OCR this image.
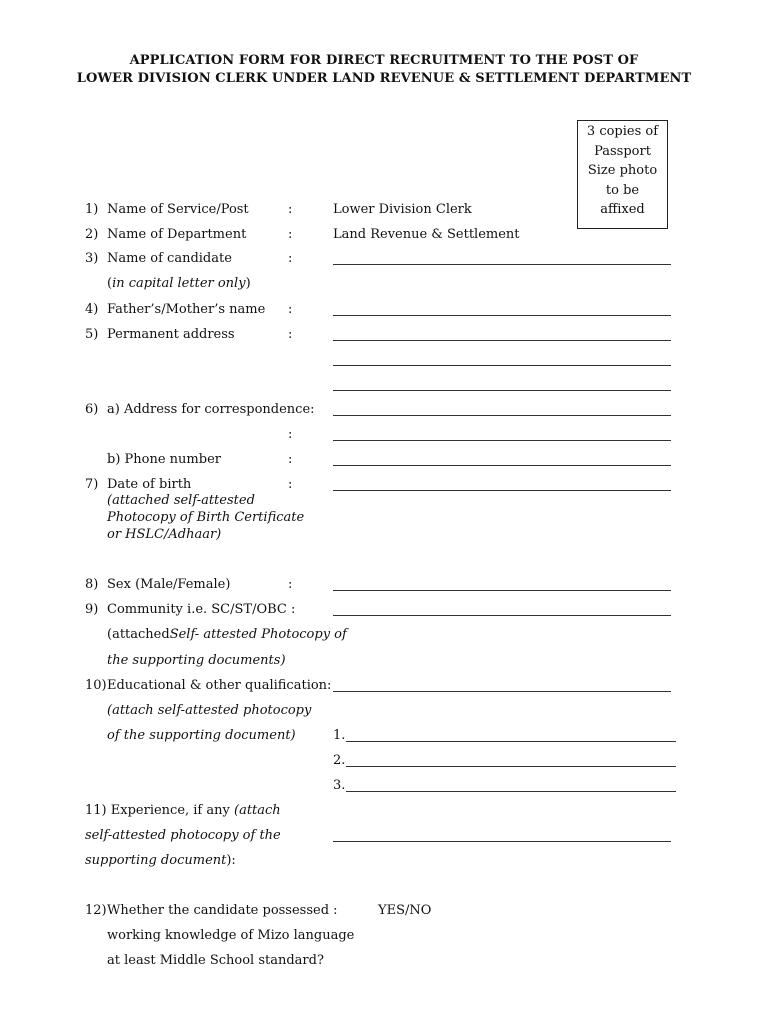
APPLICATION FORM FOR DIRECT RECRUITMENT TO THE POST OF
LOWER DIVISION CLERK UNDER LAND REVENUE & SETTLEMENT DEPARTMENT
3 copies of
Passport
Size photo
to be
affixed
1) Name of Service/Post	:	Lower Division Clerk
2) Name of Department	:	Land Revenue & Settlement
3) Name of candidate	:
(in capital letter only)
4) Father’s/Mother’s name :
5) Permanent address	:
6) a) Address for correspondence:
:
b) Phone number	:
7) Date of birth	:
(attached self-attested
Photocopy of Birth Certificate
or HSLC/Adhaar)
8) Sex (Male/Female)	:
9) Community i.e. SC/ST/OBC :
(attachedSelf- attested Photocopy of
the supporting documents)
10) Educational & other qualification:
(attach self-attested photocopy
of the supporting document)	1.
2.
3.
11) Experience, if any (attach
self-attested photocopy of the
supporting document):
12) Whether the candidate possessed :	YES/NO
working knowledge of Mizo language
at least Middle School standard?
